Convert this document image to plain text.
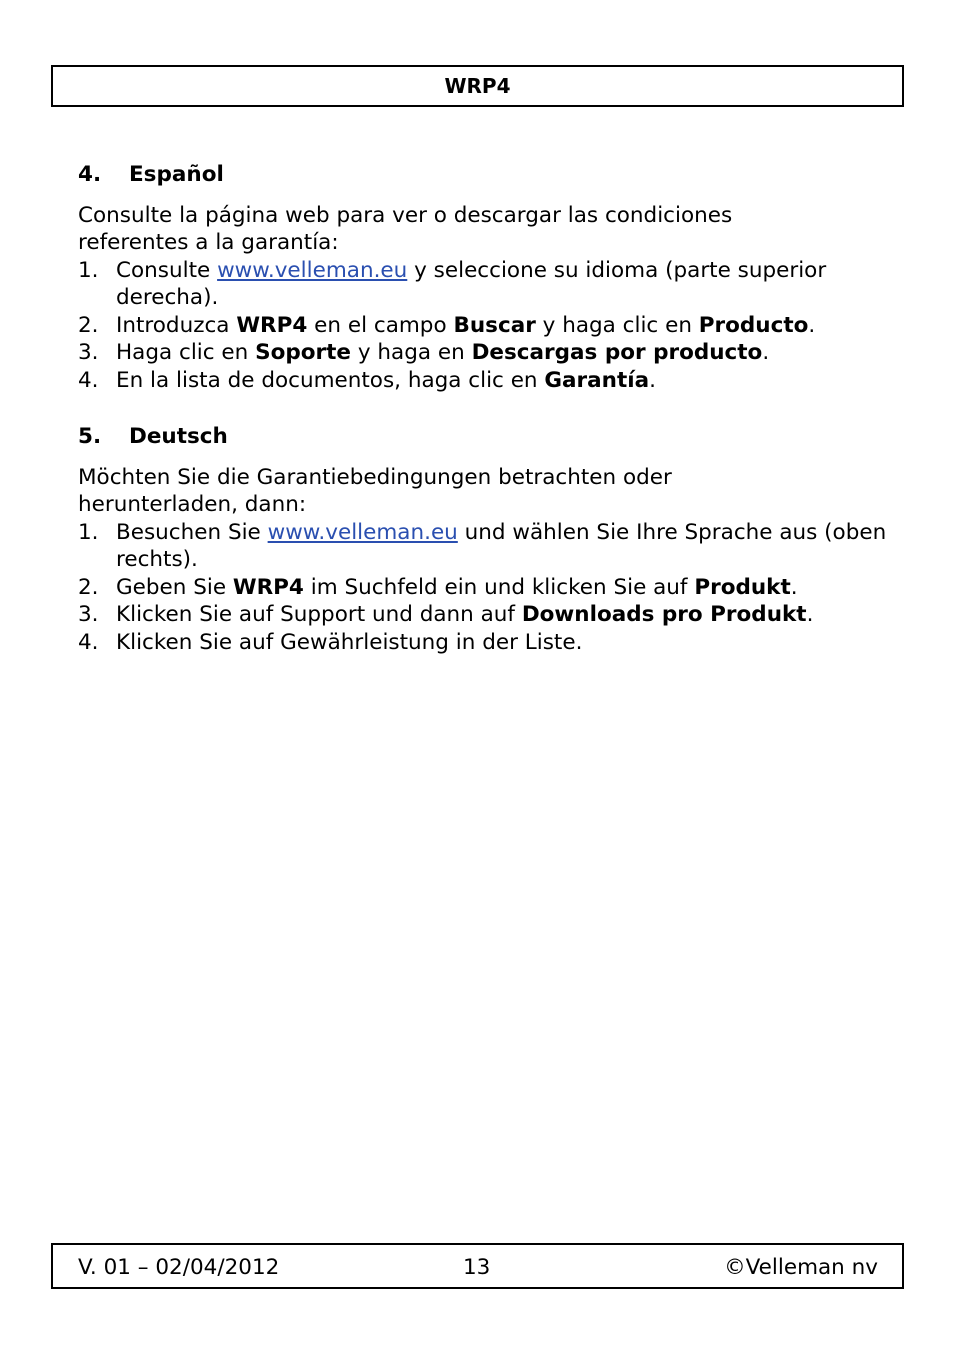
WRP4
4.	Español

Consulte la página web para ver o descargar las condiciones referentes a la garantía:

1. Consulte www.velleman.eu y seleccione su idioma (parte superior derecha).
2. Introduzca WRP4 en el campo Buscar y haga clic en Producto.
3. Haga clic en Soporte y haga en Descargas por producto.
4. En la lista de documentos, haga clic en Garantía.
5.	Deutsch

Möchten Sie die Garantiebedingungen betrachten oder herunterladen, dann:

1. Besuchen Sie www.velleman.eu und wählen Sie Ihre Sprache aus (oben rechts).
2. Geben Sie WRP4 im Suchfeld ein und klicken Sie auf Produkt.
3. Klicken Sie auf Support und dann auf Downloads pro Produkt.
4. Klicken Sie auf Gewährleistung in der Liste.
V. 01 – 02/04/2012	13	©Velleman nv
